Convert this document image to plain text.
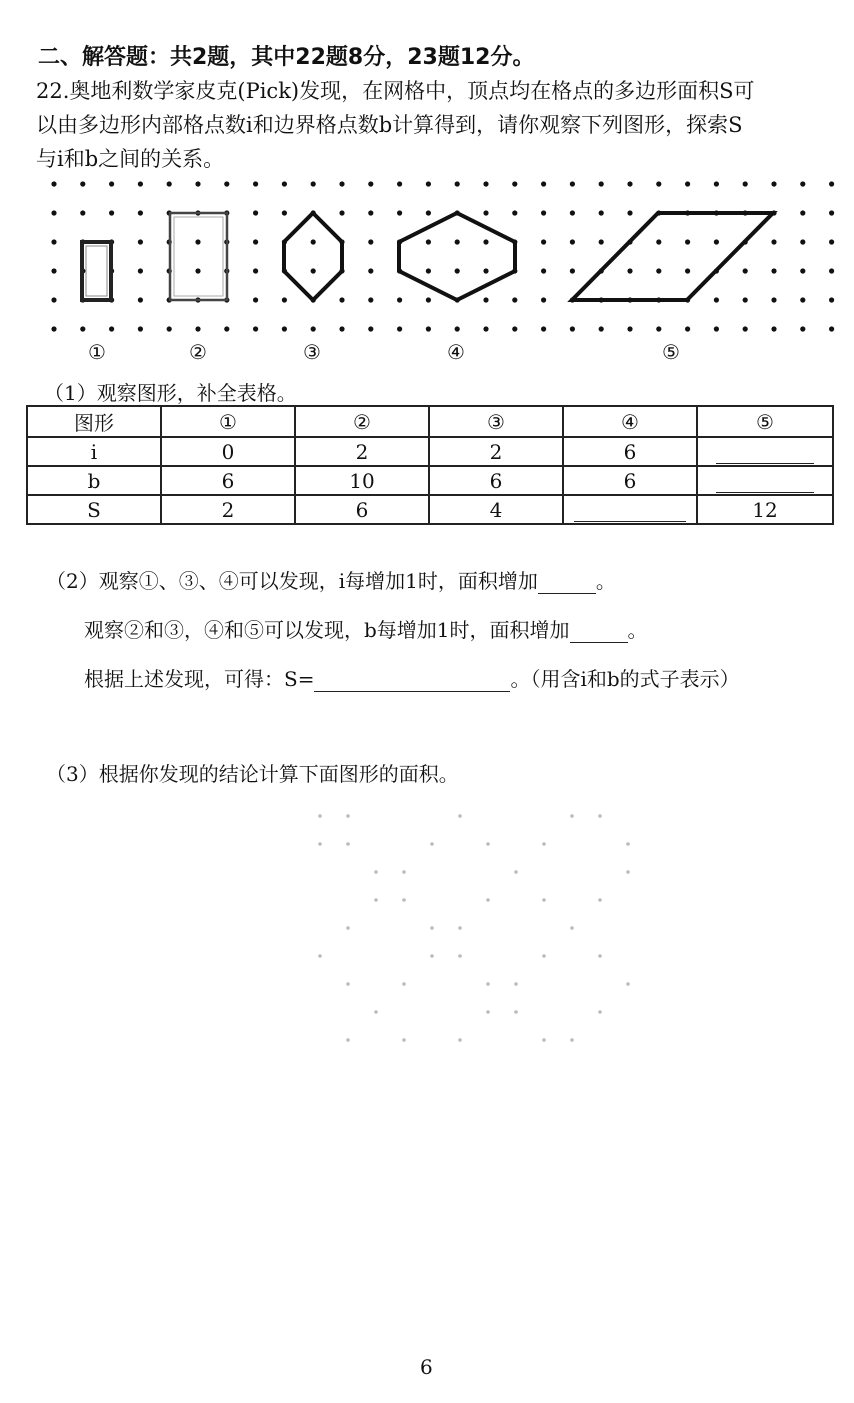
二、解答题：共2题，其中22题8分，23题12分。
22.奥地利数学家皮克(Pick)发现，在网格中，顶点均在格点的多边形面积S可
以由多边形内部格点数i和边界格点数b计算得到，请你观察下列图形，探索S
与i和b之间的关系。
①	②	③	④	⑤
（1）观察图形，补全表格。
图形	①	②	③	④	⑤
i	0	2	2	6	
b	6	10	6	6	
S	2	6	4		12
（2）观察①、③、④可以发现，i每增加1时，面积增加	。
观察②和③，④和⑤可以发现，b每增加1时，面积增加	。
根据上述发现，可得：S=	。（用含i和b的式子表示）
（3）根据你发现的结论计算下面图形的面积。
6
